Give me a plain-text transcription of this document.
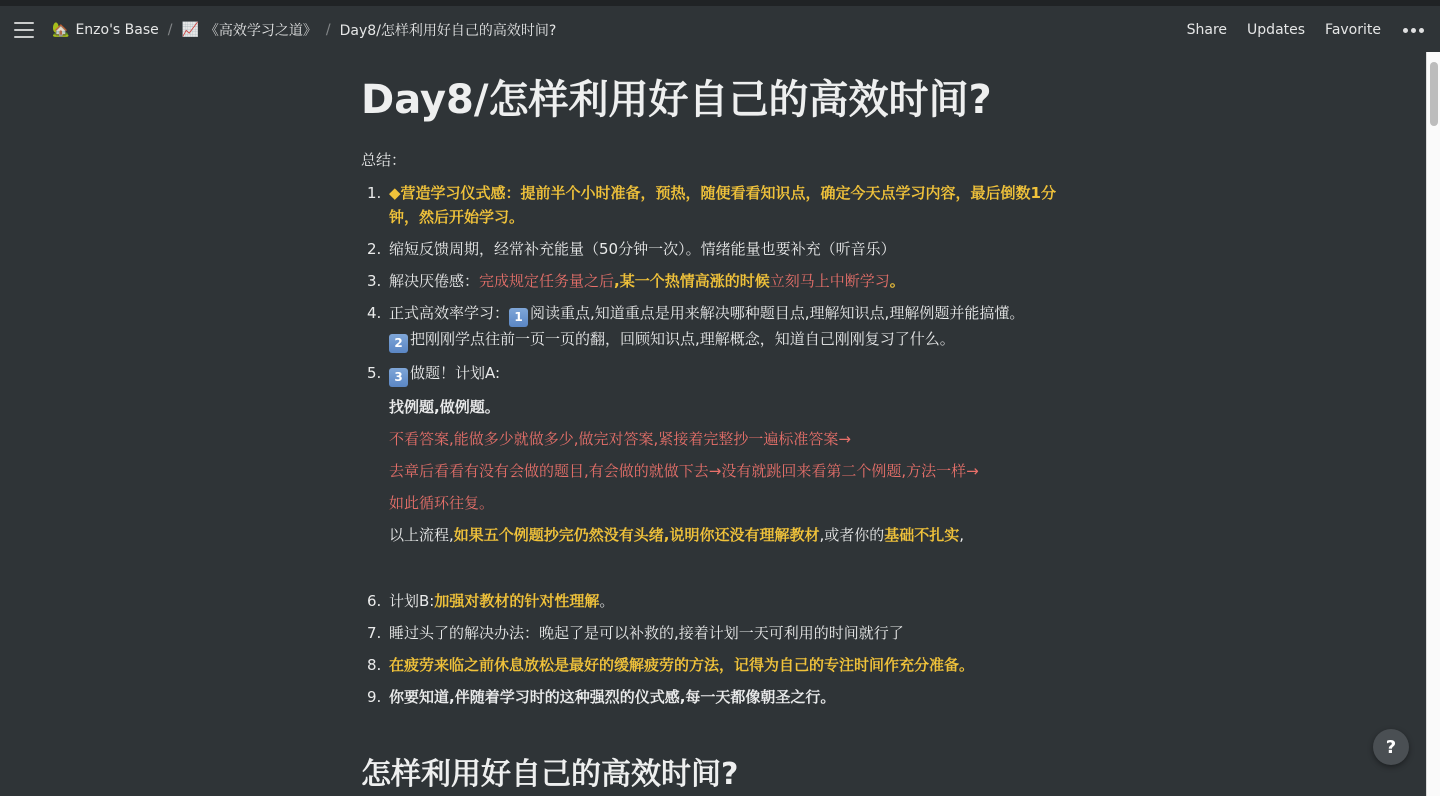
🏡 Enzo's Base / 📈 《高效学习之道》 / Day8/怎样利用好自己的高效时间?	Share Updates Favorite
Day8/怎样利用好自己的高效时间?
总结：
1. ◆营造学习仪式感：提前半个小时准备，预热，随便看看知识点，确定今天点学习内容，最后倒数1分钟，然后开始学习。
2. 缩短反馈周期，经常补充能量（50分钟一次）。情绪能量也要补充（听音乐）
3. 解决厌倦感：完成规定任务量之后,某一个热情高涨的时候立刻马上中断学习。
4. 正式高效率学习： 1 阅读重点,知道重点是用来解决哪种题目点,理解知识点,理解例题并能搞懂。
2 把刚刚学点往前一页一页的翻，回顾知识点,理解概念，知道自己刚刚复习了什么。
5.	3 做题！计划A:
找例题,做例题。
不看答案,能做多少就做多少,做完对答案,紧接着完整抄一遍标准答案→
去章后看看有没有会做的题目,有会做的就做下去→没有就跳回来看第二个例题,方法一样→
如此循环往复。
以上流程,如果五个例题抄完仍然没有头绪,说明你还没有理解教材,或者你的基础不扎实,
6. 计划B:加强对教材的针对性理解。
7. 睡过头了的解决办法：晚起了是可以补救的,接着计划一天可利用的时间就行了
8. 在疲劳来临之前休息放松是最好的缓解疲劳的方法，记得为自己的专注时间作充分准备。
9. 你要知道,伴随着学习时的这种强烈的仪式感,每一天都像朝圣之行。
怎样利用好自己的高效时间?
?
